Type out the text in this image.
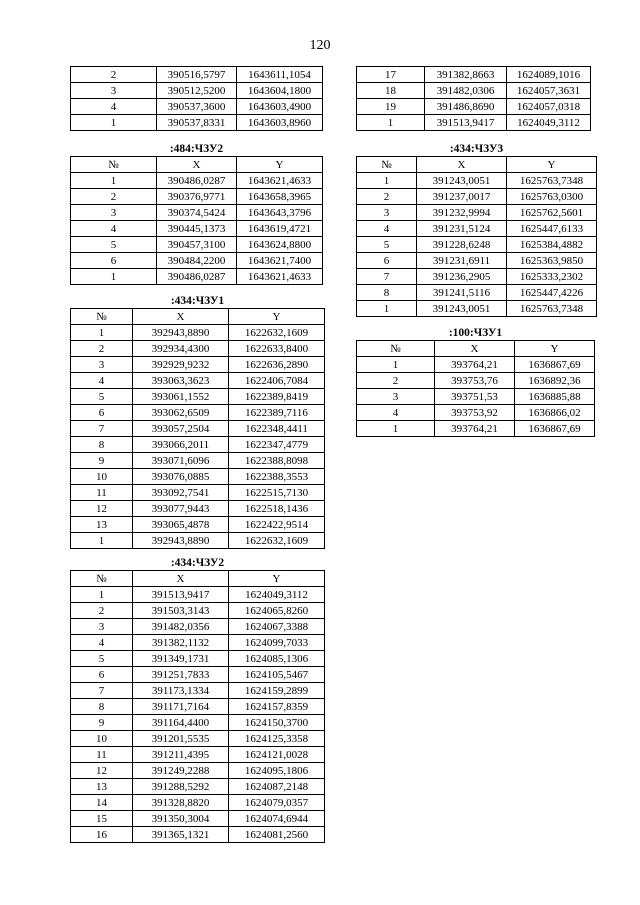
120
2	390516,5797	1643611,1054
3	390512,5200	1643604,1800
4	390537,3600	1643603,4900
1	390537,8331	1643603,8960
17	391382,8663	1624089,1016
18	391482,0306	1624057,3631
19	391486,8690	1624057,0318
1	391513,9417	1624049,3112
:484:ЧЗУ2
№	X	Y
1	390486,0287	1643621,4633
2	390376,9771	1643658,3965
3	390374,5424	1643643,3796
4	390445,1373	1643619,4721
5	390457,3100	1643624,8800
6	390484,2200	1643621,7400
1	390486,0287	1643621,4633
:434:ЧЗУ3
№	X	Y
1	391243,0051	1625763,7348
2	391237,0017	1625763,0300
3	391232,9994	1625762,5601
4	391231,5124	1625447,6133
5	391228,6248	1625384,4882
6	391231,6911	1625363,9850
7	391236,2905	1625333,2302
8	391241,5116	1625447,4226
1	391243,0051	1625763,7348
:434:ЧЗУ1
№	X	Y
1	392943,8890	1622632,1609
2	392934,4300	1622633,8400
3	392929,9232	1622636,2890
4	393063,3623	1622406,7084
5	393061,1552	1622389,8419
6	393062,6509	1622389,7116
7	393057,2504	1622348,4411
8	393066,2011	1622347,4779
9	393071,6096	1622388,8098
10	393076,0885	1622388,3553
11	393092,7541	1622515,7130
12	393077,9443	1622518,1436
13	393065,4878	1622422,9514
1	392943,8890	1622632,1609
:100:ЧЗУ1
№	X	Y
1	393764,21	1636867,69
2	393753,76	1636892,36
3	393751,53	1636885,88
4	393753,92	1636866,02
1	393764,21	1636867,69
:434:ЧЗУ2
№	X	Y
1	391513,9417	1624049,3112
2	391503,3143	1624065,8260
3	391482,0356	1624067,3388
4	391382,1132	1624099,7033
5	391349,1731	1624085,1306
6	391251,7833	1624105,5467
7	391173,1334	1624159,2899
8	391171,7164	1624157,8359
9	391164,4400	1624150,3700
10	391201,5535	1624125,3358
11	391211,4395	1624121,0028
12	391249,2288	1624095,1806
13	391288,5292	1624087,2148
14	391328,8820	1624079,0357
15	391350,3004	1624074,6944
16	391365,1321	1624081,2560
